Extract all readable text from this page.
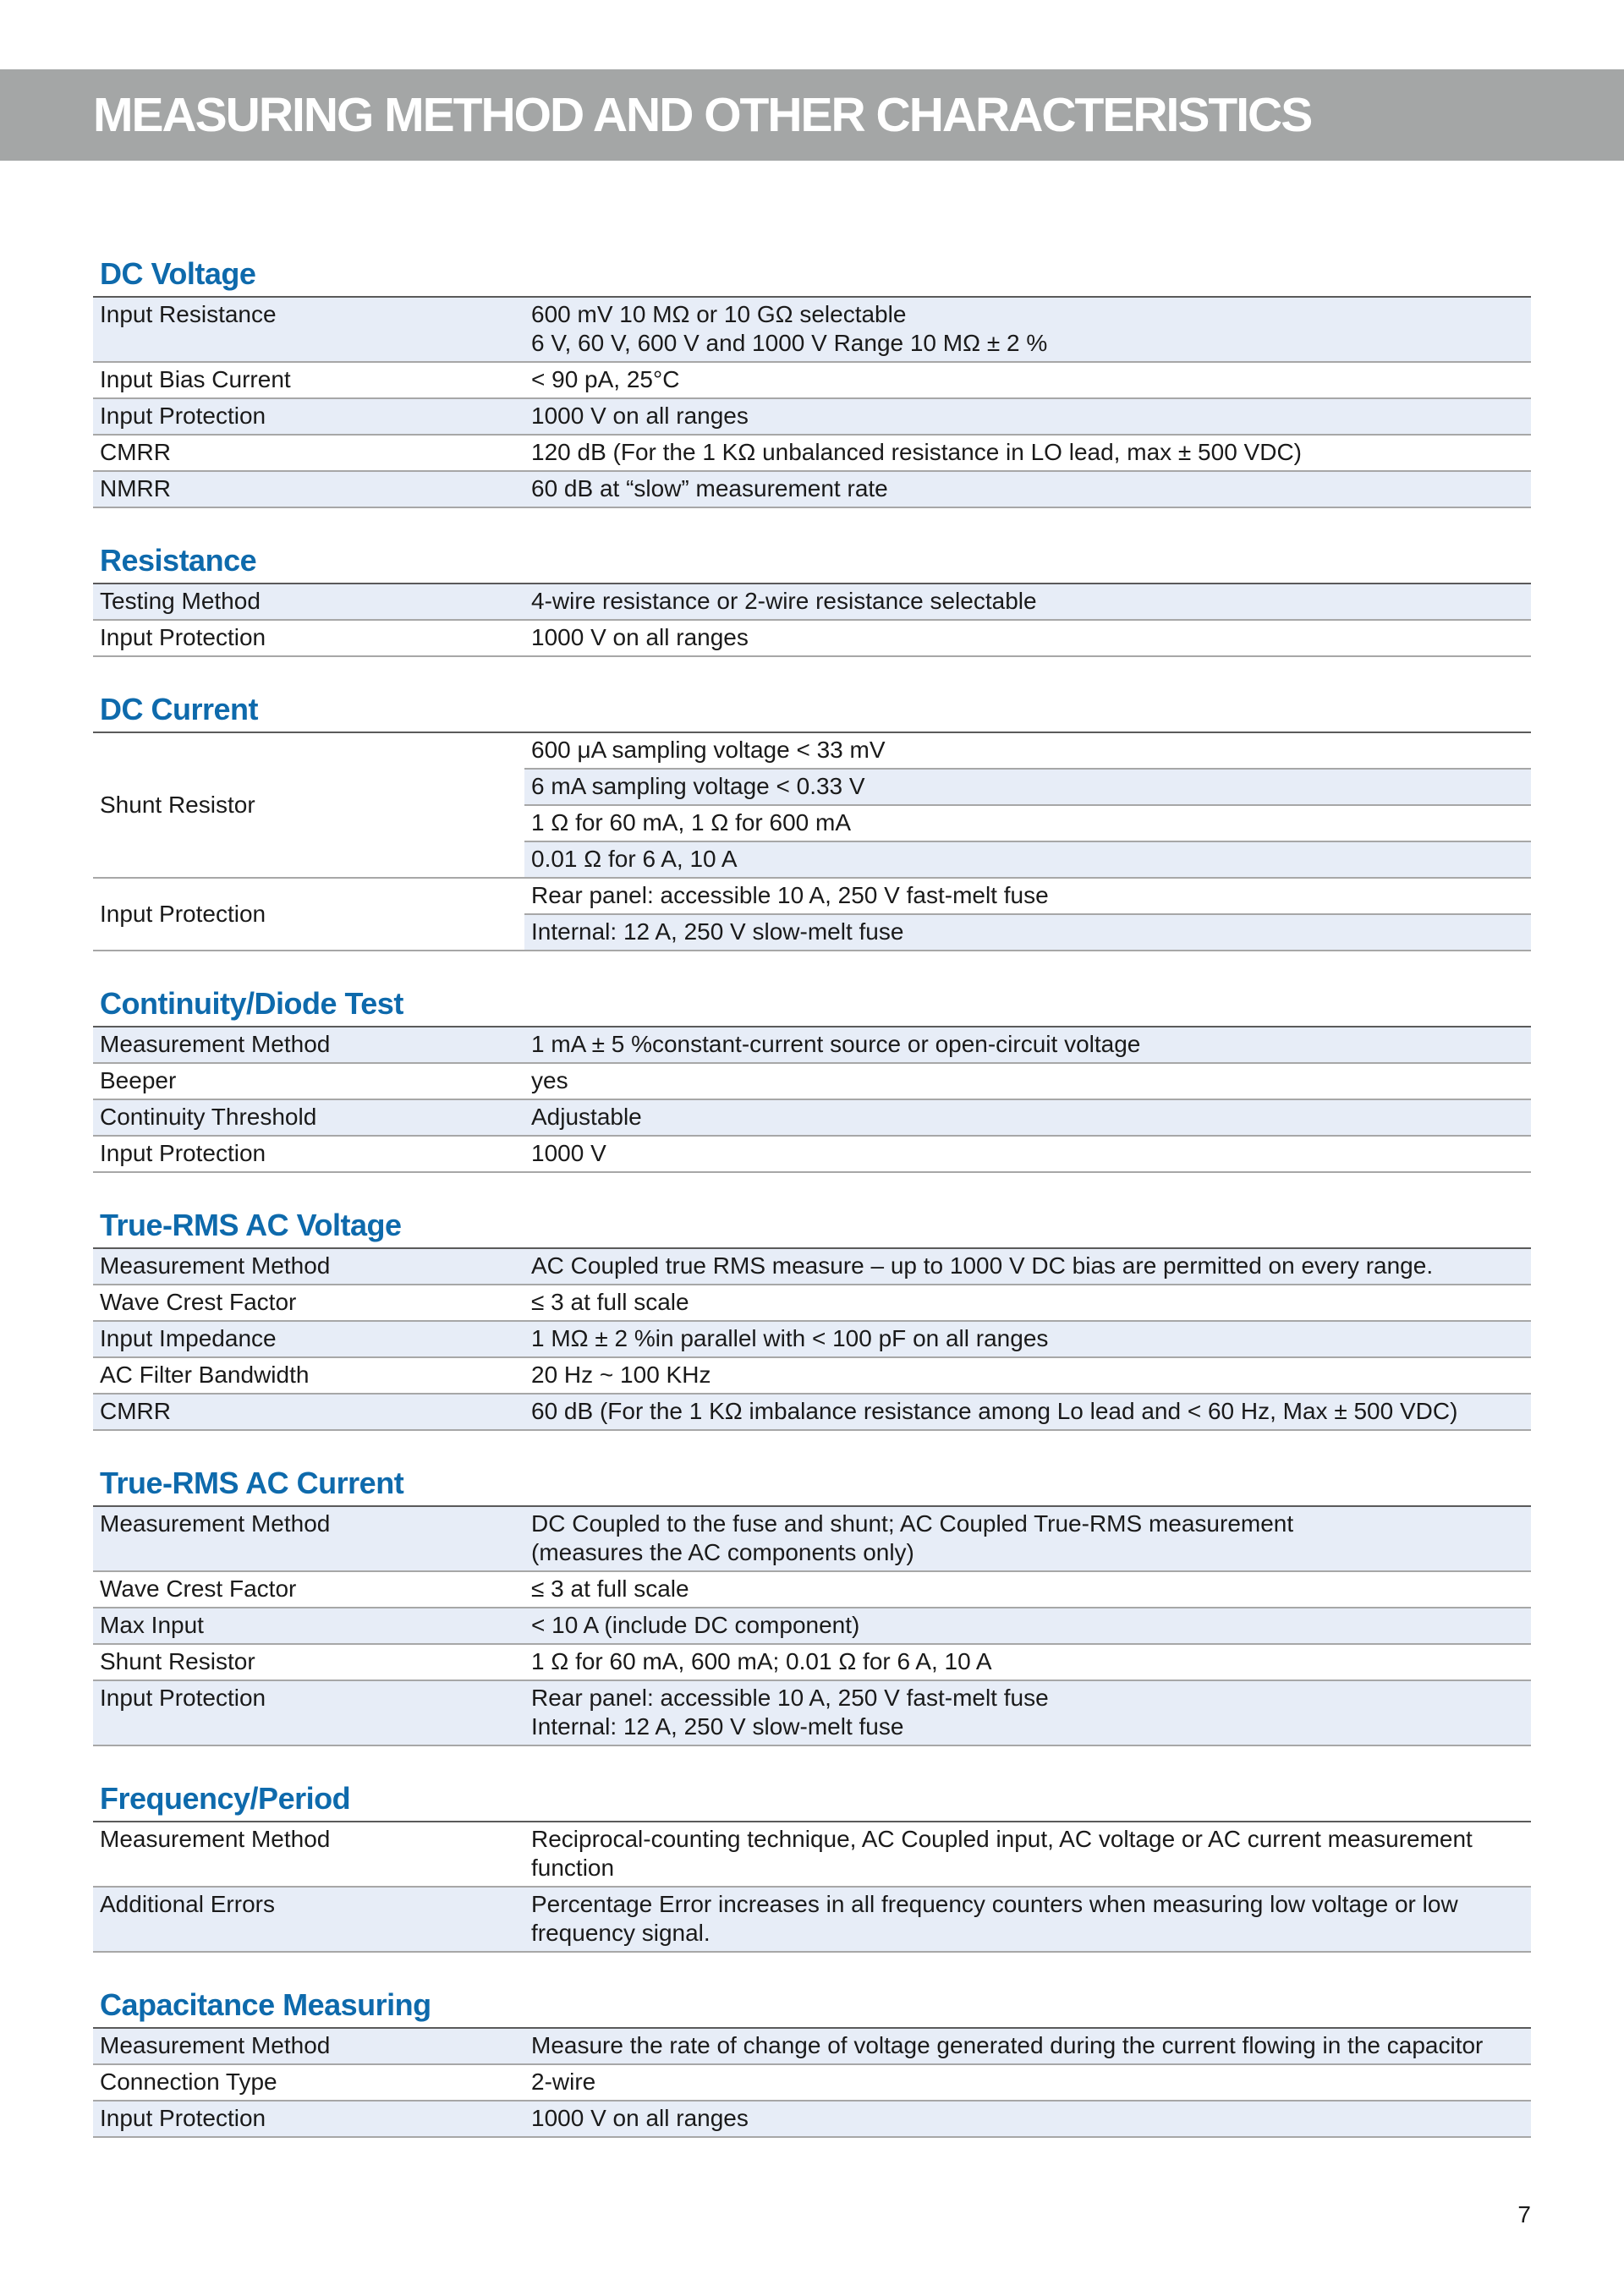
MEASURING METHOD AND OTHER CHARACTERISTICS
DC Voltage
Input Resistance	600 mV 10 MΩ or 10 GΩ selectable
6 V, 60 V, 600 V and 1000 V Range 10 MΩ ± 2 %

Input Bias Current	< 90 pA, 25°C
Input Protection	1000 V on all ranges
CMRR	120 dB (For the 1 KΩ unbalanced resistance in LO lead, max ± 500 VDC)
NMRR	60 dB at “slow” measurement rate
Resistance
Testing Method	4-wire resistance or 2-wire resistance selectable
Input Protection	1000 V on all ranges
DC Current
Shunt Resistor	600 μA sampling voltage < 33 mV
	6 mA sampling voltage < 0.33 V
	1 Ω for 60 mA, 1 Ω for 600 mA
	0.01 Ω for 6 A, 10 A
Input Protection	Rear panel: accessible 10 A, 250 V fast-melt fuse
	Internal: 12 A, 250 V slow-melt fuse
Continuity/Diode Test
Measurement Method	1 mA ± 5 %constant-current source or open-circuit voltage
Beeper	yes
Continuity Threshold	Adjustable
Input Protection	1000 V
True-RMS AC Voltage
Measurement Method	AC Coupled true RMS measure – up to 1000 V DC bias are permitted on every range.
Wave Crest Factor	≤ 3 at full scale
Input Impedance	1 MΩ ± 2 %in parallel with < 100 pF on all ranges
AC Filter Bandwidth	20 Hz ~ 100 KHz
CMRR	60 dB (For the 1 KΩ imbalance resistance among Lo lead and < 60 Hz, Max ± 500 VDC)
True-RMS AC Current
Measurement Method	DC Coupled to the fuse and shunt; AC Coupled True-RMS measurement
(measures the AC components only)

Wave Crest Factor	≤ 3 at full scale
Max Input	< 10 A (include DC component)
Shunt Resistor	1 Ω for 60 mA, 600 mA; 0.01 Ω for 6 A, 10 A
Input Protection	Rear panel: accessible 10 A, 250 V fast-melt fuse
Internal: 12 A, 250 V slow-melt fuse
Frequency/Period
Measurement Method	Reciprocal-counting technique, AC Coupled input, AC voltage or AC current measurement
function

Additional Errors	Percentage Error increases in all frequency counters when measuring low voltage or low
frequency signal.
Capacitance Measuring
Measurement Method	Measure the rate of change of voltage generated during the current flowing in the capacitor
Connection Type	2-wire
Input Protection	1000 V on all ranges
7
